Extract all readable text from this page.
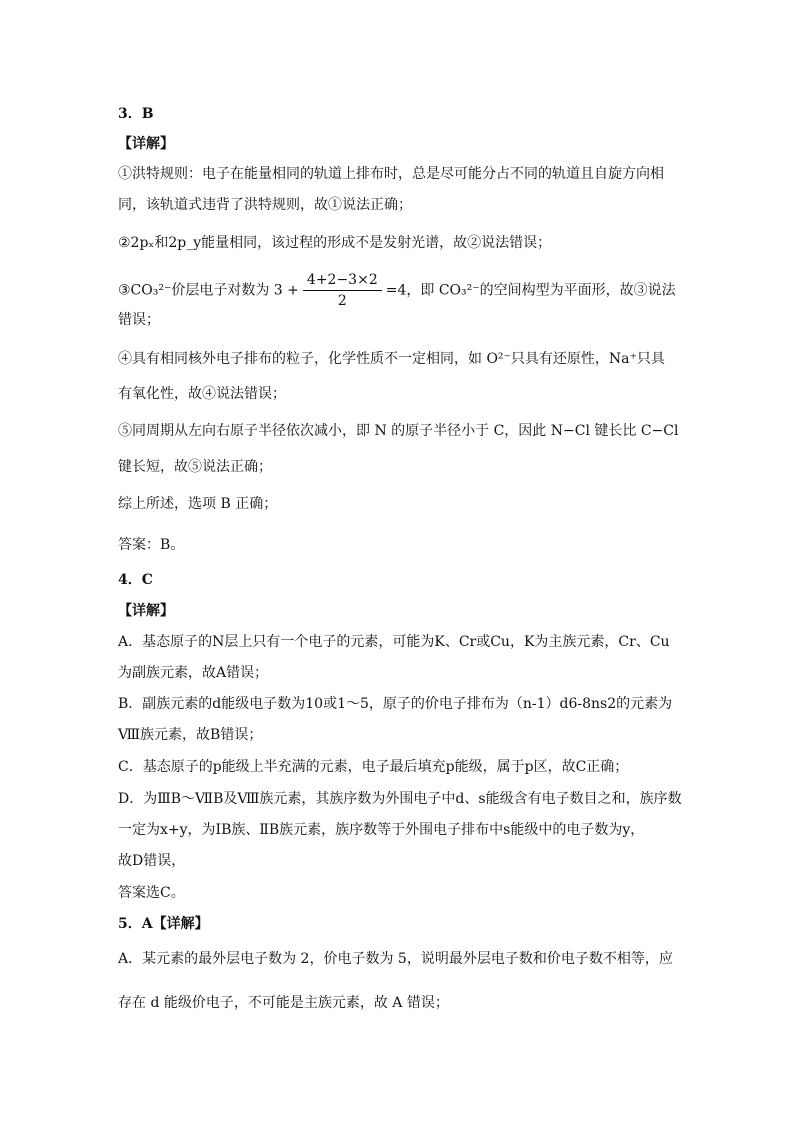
3．B
【详解】
①洪特规则：电子在能量相同的轨道上排布时，总是尽可能分占不同的轨道且自旋方向相
同，该轨道式违背了洪特规则，故①说法正确；
②2pₓ和2p_y能量相同，该过程的形成不是发射光谱，故②说法错误；
③CO₃²⁻价层电子对数为 $3 + \frac{4+2-3\times 2}{2} =4$，即 CO₃²⁻的空间构型为平面形，故③说法
错误；
④具有相同核外电子排布的粒子，化学性质不一定相同，如 O²⁻只具有还原性，Na⁺只具
有氧化性，故④说法错误；
⑤同周期从左向右原子半径依次减小，即 N 的原子半径小于 C，因此 N−Cl 键长比 C−Cl
键长短，故⑤说法正确；
综上所述，选项 B 正确；
答案：B。
4．C
【详解】
A．基态原子的N层上只有一个电子的元素，可能为K、Cr或Cu，K为主族元素，Cr、Cu
为副族元素，故A错误；
B．副族元素的d能级电子数为10或1～5，原子的价电子排布为（n-1）d6-8ns2的元素为
Ⅷ族元素，故B错误；
C．基态原子的p能级上半充满的元素，电子最后填充p能级，属于p区，故C正确；
D．为ⅢB～ⅦB及Ⅷ族元素，其族序数为外围电子中d、s能级含有电子数目之和，族序数
一定为x+y，为ⅠB族、ⅡB族元素，族序数等于外围电子排布中s能级中的电子数为y，
故D错误，
答案选C。
5．A【详解】
A．某元素的最外层电子数为 2，价电子数为 5，说明最外层电子数和价电子数不相等，应
存在 d 能级价电子，不可能是主族元素，故 A 错误；
